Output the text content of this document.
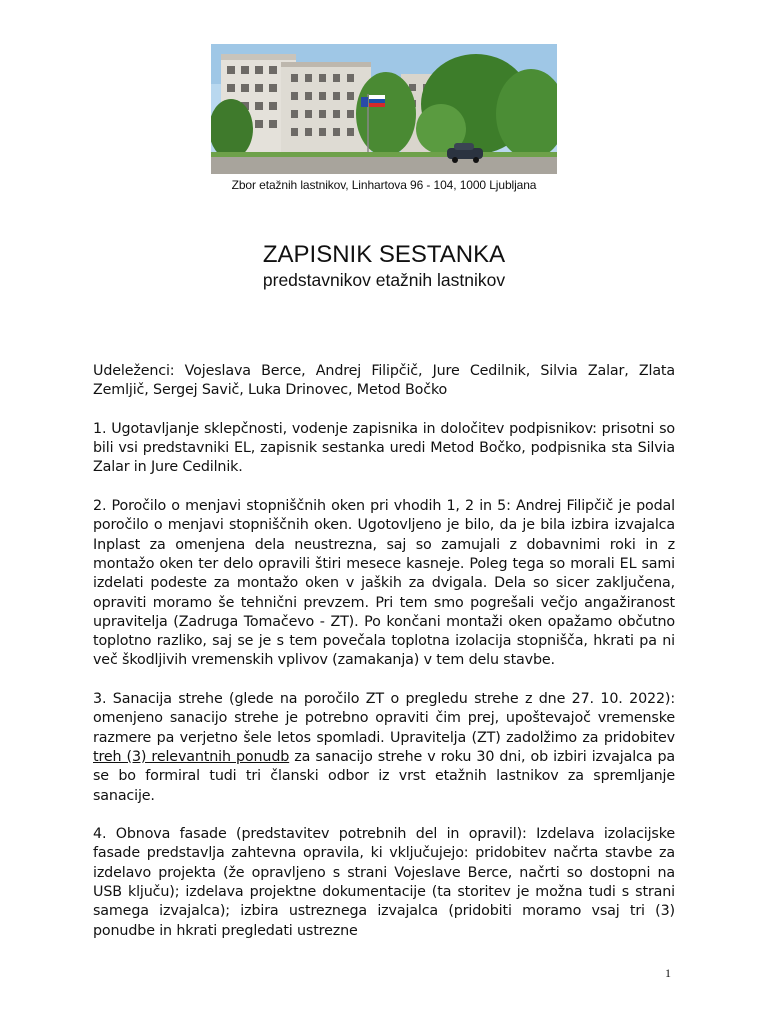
Zbor etažnih lastnikov, Linhartova 96 - 104, 1000 Ljubljana
ZAPISNIK SESTANKA
predstavnikov etažnih lastnikov

Udeleženci: Vojeslava Berce, Andrej Filipčič, Jure Cedilnik, Silvia Zalar, Zlata Zemljič, Sergej Savič, Luka Drinovec, Metod Bočko

1. Ugotavljanje sklepčnosti, vodenje zapisnika in določitev podpisnikov: prisotni so bili vsi predstavniki EL, zapisnik sestanka uredi Metod Bočko, podpisnika sta Silvia Zalar in Jure Cedilnik.

2. Poročilo o menjavi stopniščnih oken pri vhodih 1, 2 in 5: Andrej Filipčič je podal poročilo o menjavi stopniščnih oken. Ugotovljeno je bilo, da je bila izbira izvajalca Inplast za omenjena dela neustrezna, saj so zamujali z dobavnimi roki in z montažo oken ter delo opravili štiri mesece kasneje. Poleg tega so morali EL sami izdelati podeste za montažo oken v jaških za dvigala. Dela so sicer zaključena, opraviti moramo še tehnični prevzem. Pri tem smo pogrešali večjo angažiranost upravitelja (Zadruga Tomačevo - ZT). Po končani montaži oken opažamo občutno toplotno razliko, saj se je s tem povečala toplotna izolacija stopnišča, hkrati pa ni več škodljivih vremenskih vplivov (zamakanja) v tem delu stavbe.

3. Sanacija strehe (glede na poročilo ZT o pregledu strehe z dne 27. 10. 2022): omenjeno sanacijo strehe je potrebno opraviti čim prej, upoštevajoč vremenske razmere pa verjetno šele letos spomladi. Upravitelja (ZT) zadolžimo za pridobitev treh (3) relevantnih ponudb za sanacijo strehe v roku 30 dni, ob izbiri izvajalca pa se bo formiral tudi tri članski odbor iz vrst etažnih lastnikov za spremljanje sanacije.

4. Obnova fasade (predstavitev potrebnih del in opravil): Izdelava izolacijske fasade predstavlja zahtevna opravila, ki vključujejo: pridobitev načrta stavbe za izdelavo projekta (že opravljeno s strani Vojeslave Berce, načrti so dostopni na USB ključu); izdelava projektne dokumentacije (ta storitev je možna tudi s strani samega izvajalca); izbira ustreznega izvajalca (pridobiti moramo vsaj tri (3) ponudbe in hkrati pregledati ustrezne

1
